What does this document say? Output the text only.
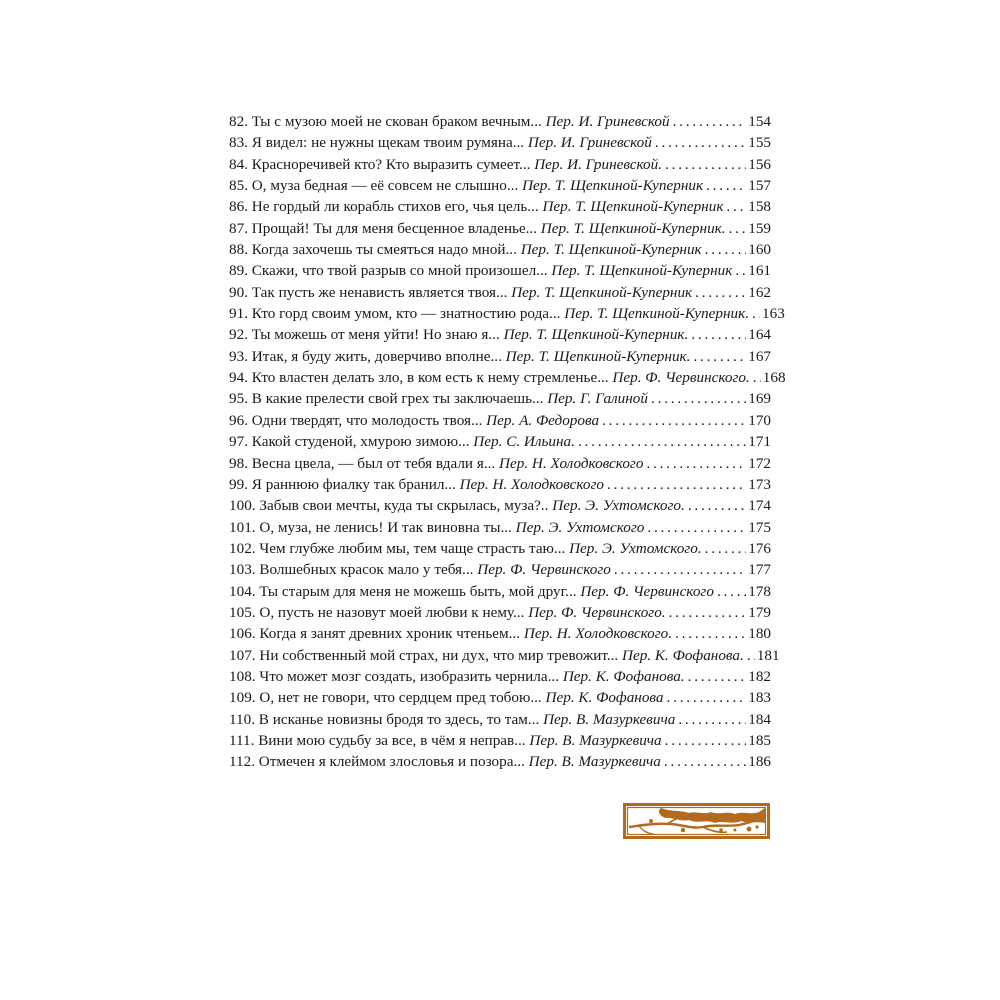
82. Ты с музою моей не скован браком вечным...
Пер. И. Гриневской . . .	154
83. Я видел: не нужны щекам твоим румяна...
Пер. И. Гриневской . . .	155
84. Красноречивей кто? Кто выразить сумеет...
Пер. И. Гриневской. . . .	156
85. О, муза бедная — её совсем не слышно...
Пер. Т. Щепкиной-Куперник . . .	157
86. Не гордый ли корабль стихов его, чья цель...
Пер. Т. Щепкиной-Куперник . . . 158
87. Прощай! Ты для меня бесценное владенье...
Пер. Т. Щепкиной-Куперник. . . . 159
88. Когда захочешь ты смеяться надо мной...
Пер. Т. Щепкиной-Куперник . . .	160
89. Скажи, что твой разрыв со мной произошел...
Пер. Т. Щепкиной-Куперник . . . 161
90. Так пусть же ненависть является твоя...
Пер. Т. Щепкиной-Куперник . . .	162
91. Кто горд своим умом, кто — знатностию рода...
Пер. Т. Щепкиной-Куперник. . . . 163
92. Ты можешь от меня уйти! Но знаю я...
Пер. Т. Щепкиной-Куперник. . . .	164
93. Итак, я буду жить, доверчиво вполне...
Пер. Т. Щепкиной-Куперник. . . .	167
94. Кто властен делать зло, в ком есть к нему стремленье...
Пер. Ф. Червинского. . . . 168
95. В какие прелести свой грех ты заключаешь...
Пер. Г. Галиной . . .	169
96. Одни твердят, что молодость твоя...
Пер. А. Федорова . . .	170
97. Какой студеной, хмурою зимою...
Пер. С. Ильина. . . .	171
98. Весна цвела, — был от тебя вдали я...
Пер. Н. Холодковского . . .	172
99. Я раннюю фиалку так бранил...
Пер. Н. Холодковского . . .	173
100. Забыв свои мечты, куда ты скрылась, муза?..
Пер. Э. Ухтомского. . . .	174
101. О, муза, не ленись! И так виновна ты...
Пер. Э. Ухтомского . . .	175
102. Чем глубже любим мы, тем чаще страсть таю...
Пер. Э. Ухтомского. . . .	176
103. Волшебных красок мало у тебя...
Пер. Ф. Червинского . . .	177
104. Ты старым для меня не можешь быть, мой друг...
Пер. Ф. Червинского . . . 178
105. О, пусть не назовут моей любви к нему...
Пер. Ф. Червинского. . . .	179
106. Когда я занят древних хроник чтеньем...
Пер. Н. Холодковского. . . .	180
107. Ни собственный мой страх, ни дух, что мир тревожит...
Пер. К. Фофанова. . . . 181
108. Что может мозг создать, изобразить чернила...
Пер. К. Фофанова. . . .	182
109. О, нет не говори, что сердцем пред тобою...
Пер. К. Фофанова . . .	183
110. В исканье новизны бродя то здесь, то там...
Пер. В. Мазуркевича . . .	184
111. Вини мою судьбу за все, в чём я неправ...
Пер. В. Мазуркевича . . .	185
112. Отмечен я клеймом злословья и позора...
Пер. В. Мазуркевича . . .	186
